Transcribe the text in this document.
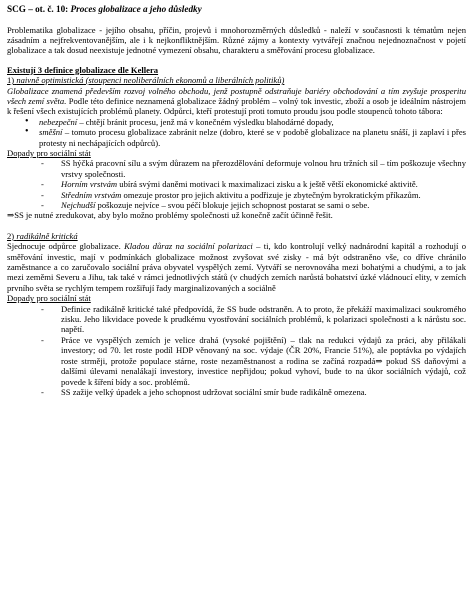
SCG – ot. č. 10: Proces globalizace a jeho důsledky

Problematika globalizace - jejího obsahu, příčin, projevů i mnohorozměrných důsledků - naleží v současnosti k tématům nejen zásadním a nejfrekventovanějším, ale i k nejkonfliktnějším. Různé zájmy a kontexty vytvářejí značnou nejednoznačnost v pojetí globalizace a tak dosud neexistuje jednotné vymezení obsahu, charakteru a směřování procesu globalizace.

Existují 3 definice globalizace dle Kellera
1) naivně optimistická (stoupenci neoliberálních ekonomů a liberálních politiků)

Globalizace znamená především rozvoj volného obchodu, jenž postupně odstraňuje bariéry obchodování a tím zvyšuje prosperitu všech zemí světa. Podle této definice neznamená globalizace žádný problém – volný tok investic, zboží a osob je ideálním nástrojem k řešení všech existujících problémů planety. Odpůrci, kteří protestují proti tomuto proudu jsou podle stoupenců tohoto tábora:

• nebezpeční – chtějí bránit procesu, jenž má v konečném výsledku blahodárné dopady,
• směšní – tomuto procesu globalizace zabránit nelze (dobro, které se v podobě globalizace na planetu snáší, ji zaplaví i přes protesty ni nechápajících odpůrců).
Dopady pro sociální stát
- SS hýčká pracovní sílu a svým důrazem na přerozdělování deformuje volnou hru tržních sil – tím poškozuje všechny vrstvy společnosti.
- Horním vrstvám ubírá svými daněmi motivaci k maximalizaci zisku a k ještě větší ekonomické aktivitě.
- Středním vrstvám omezuje prostor pro jejich aktivitu a podřizuje je zbytečným byrokratickým příkazům.
- Nejchudší poškozuje nejvíce – svou péčí blokuje jejich schopnost postarat se sami o sebe.
⇒SS je nutné zredukovat, aby bylo možno problémy společnosti už konečně začít účinně řešit.
2) radikálně kritická

Sjednocuje odpůrce globalizace. Kladou důraz na sociální polarizaci – ti, kdo kontrolují velký nadnárodní kapitál a rozhodují o směřování investic, mají v podmínkách globalizace možnost zvyšovat své zisky - má být odstraněno vše, co dříve chránilo zaměstnance a co zaručovalo sociální práva obyvatel vyspělých zemí. Vytváří se nerovnováha mezi bohatými a chudými, a to jak mezi zeměmi Severu a Jihu, tak také v rámci jednotlivých států (v chudých zemích narůstá bohatství úzké vládnoucí elity, v zemích prvního světa se rychlým tempem rozšiřují řady marginalizovaných a sociálně

Dopady pro sociální stát
- Definice radikálně kritické také předpovídá, že SS bude odstraněn. A to proto, že překáží maximalizaci soukromého zisku. Jeho likvidace povede k prudkému vyostřování sociálních problémů, k polarizaci společnosti a k nárůstu soc. napětí.
- Práce ve vyspělých zemích je velice drahá (vysoké pojištění) – tlak na redukci výdajů za práci, aby přilákali investory; od 70. let roste podíl HDP věnovaný na soc. výdaje (ČR 20%, Francie 51%), ale poptávka po výdajích roste strměji, protože populace stárne, roste nezaměstnanost a rodina se začíná rozpadá⇒ pokud SS daňovými a dalšími úlevami nenalákají investory, investice nepřijdou; pokud vyhoví, bude to na úkor sociálních výdajů, což povede k šíření bídy a soc. problémů.
- SS zažije velký úpadek a jeho schopnost udržovat sociální smír bude radikálně omezena.
